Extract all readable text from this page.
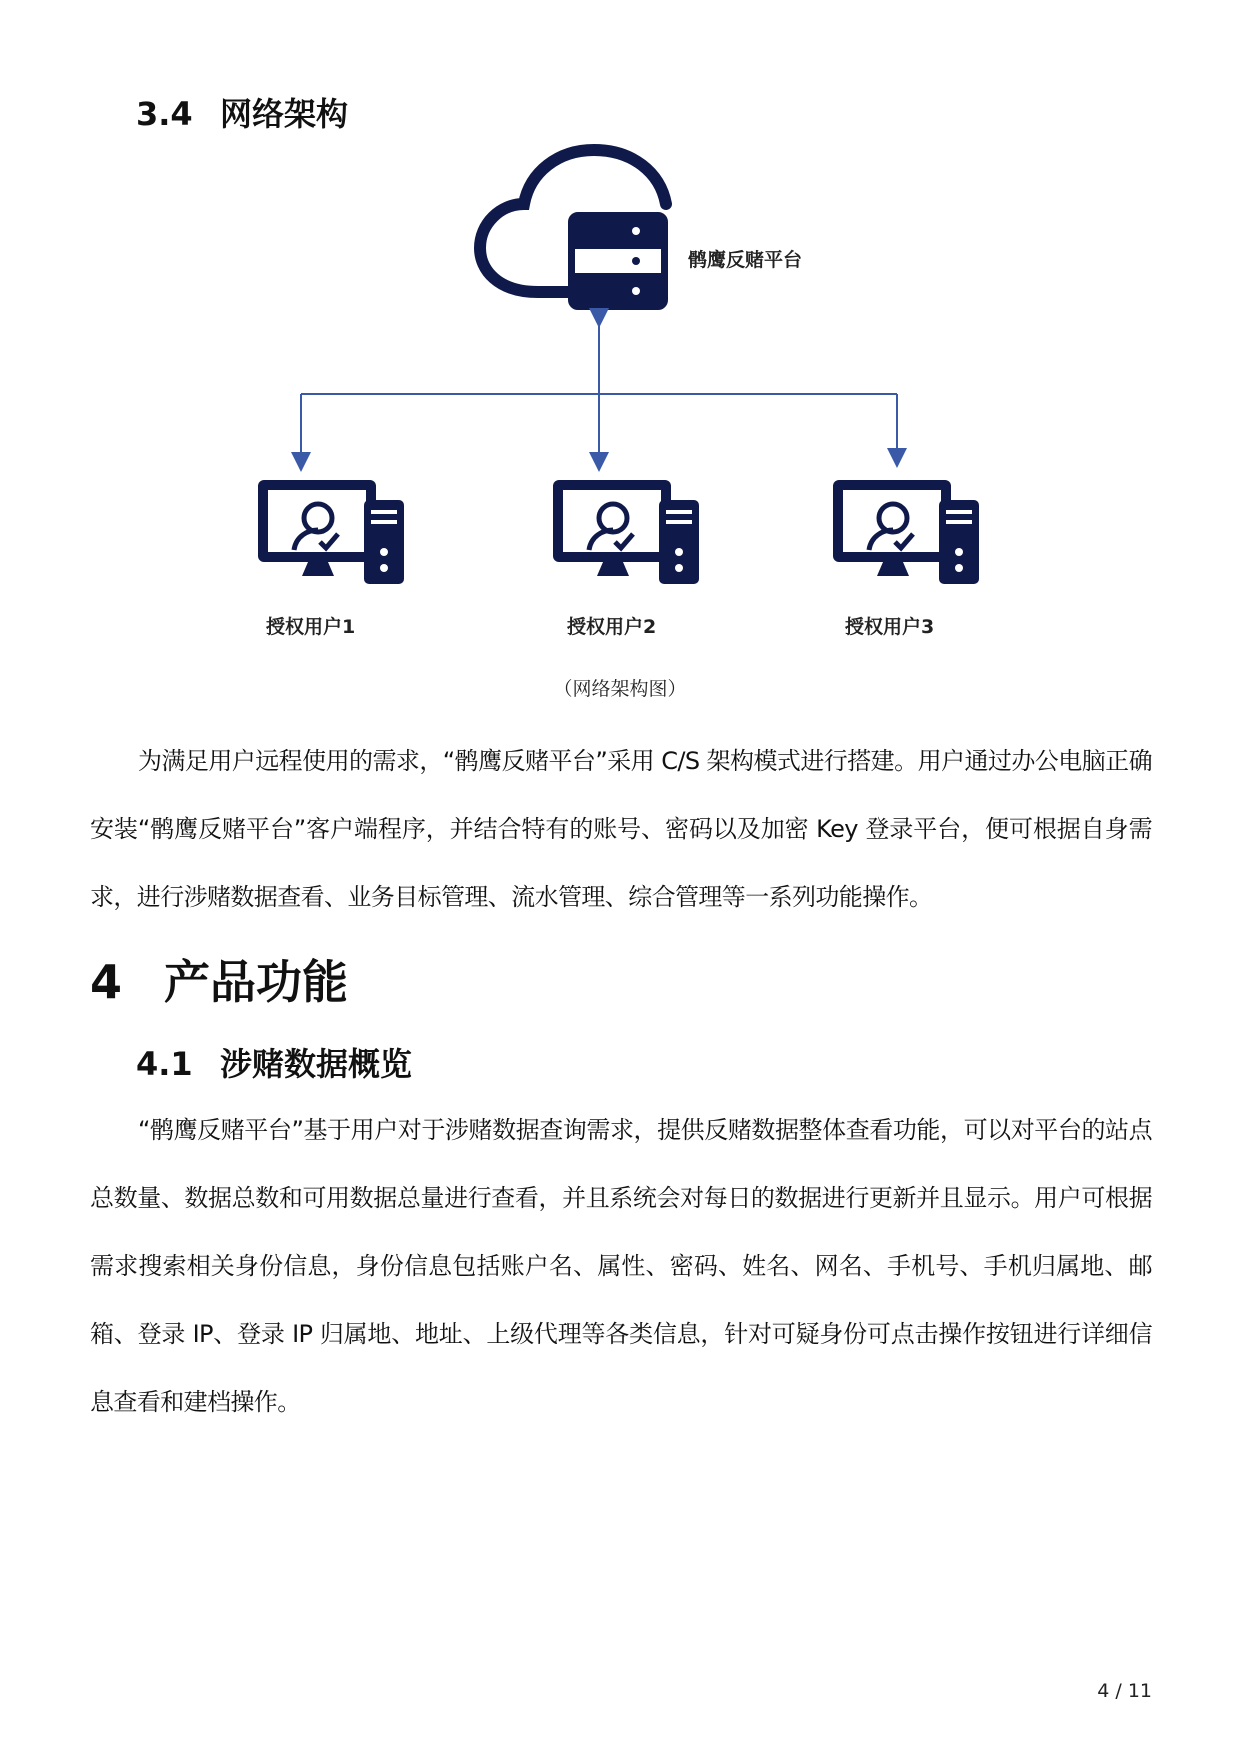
3.4 网络架构
鹘鹰反赌平台
授权用户1	授权用户2	授权用户3
（网络架构图）

为满足用户远程使用的需求，“鹘鹰反赌平台”采用 C/S 架构模式进行搭建。用户通过办公电脑正确安装“鹘鹰反赌平台”客户端程序，并结合特有的账号、密码以及加密 Key 登录平台，便可根据自身需求，进行涉赌数据查看、业务目标管理、流水管理、综合管理等一系列功能操作。

4 产品功能
4.1 涉赌数据概览

“鹘鹰反赌平台”基于用户对于涉赌数据查询需求，提供反赌数据整体查看功能，可以对平台的站点总数量、数据总数和可用数据总量进行查看，并且系统会对每日的数据进行更新并且显示。用户可根据需求搜索相关身份信息，身份信息包括账户名、属性、密码、姓名、网名、手机号、手机归属地、邮箱、登录 IP、登录 IP 归属地、地址、上级代理等各类信息，针对可疑身份可点击操作按钮进行详细信息查看和建档操作。

4 / 11
